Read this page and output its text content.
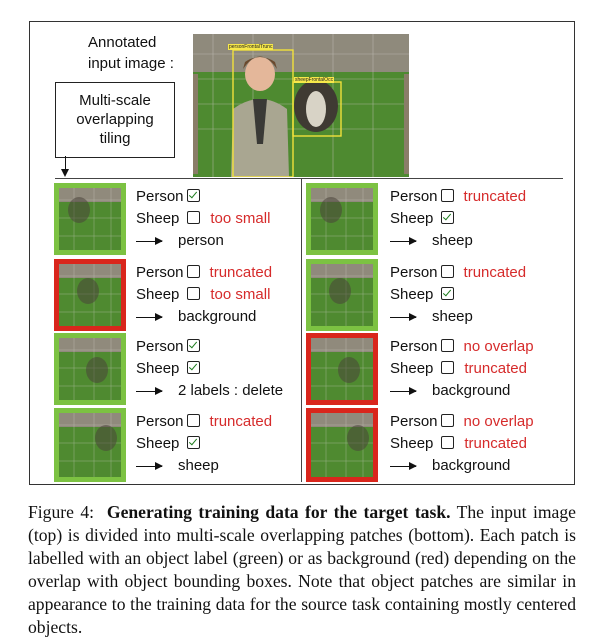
Annotated
input image :
personFrontalTrunc
sheepFrontalOcc
Multi-scale
overlapping
tiling
Person
Sheep too small
person
Person truncated
Sheep too small
background
Person
Sheep
2 labels : delete
Person truncated
Sheep
sheep
Person truncated
Sheep
sheep
Person truncated
Sheep
sheep
Person no overlap
Sheep truncated
background
Person no overlap
Sheep truncated
background
Figure 4: Generating training data for the target task. The input image (top) is divided into multi-scale overlapping patches (bottom). Each patch is labelled with an object label (green) or as background (red) depending on the overlap with object bounding boxes. Note that object patches are similar in appearance to the training data for the source task containing mostly centered objects.
